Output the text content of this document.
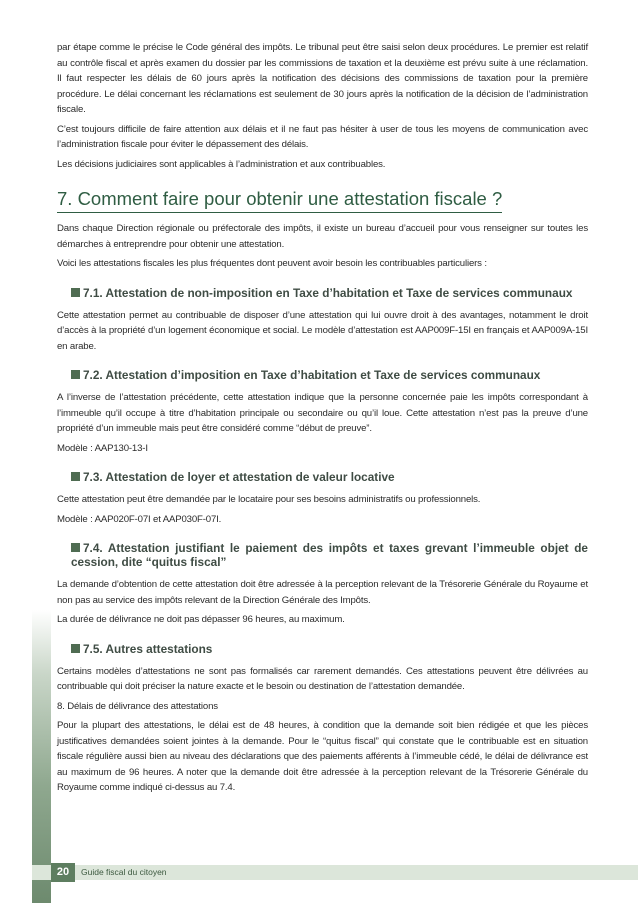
par étape comme le précise le Code général des impôts. Le tribunal peut être saisi selon deux procédures. Le premier est relatif au contrôle fiscal et après examen du dossier par les commissions de taxation et la deuxième est prévu suite à une réclamation. Il faut respecter les délais de 60 jours après la notification des décisions des commissions de taxation pour la première procédure. Le délai concernant les réclamations est seulement de 30 jours après la notification de la décision de l’administration fiscale.

C’est toujours difficile de faire attention aux délais et il ne faut pas hésiter à user de tous les moyens de communication avec l’administration fiscale pour éviter le dépassement des délais.

Les décisions judiciaires sont applicables à l’administration et aux contribuables.

7. Comment faire pour obtenir une attestation fiscale ?

Dans chaque Direction régionale ou préfectorale des impôts, il existe un bureau d’accueil pour vous renseigner sur toutes les démarches à entreprendre pour obtenir une attestation.

Voici les attestations fiscales les plus fréquentes dont peuvent avoir besoin les contribuables particuliers :

7.1. Attestation de non-imposition en Taxe d’habitation et Taxe de services communaux

Cette attestation permet au contribuable de disposer d’une attestation qui lui ouvre droit à des avantages, notamment le droit d’accès à la propriété d’un logement économique et social. Le modèle d’attestation est AAP009F-15I en français et AAP009A-15I en arabe.

7.2. Attestation d’imposition en Taxe d’habitation et Taxe de services communaux

A l’inverse de l’attestation précédente, cette attestation indique que la personne concernée paie les impôts correspondant à l’immeuble qu’il occupe à titre d’habitation principale ou secondaire ou qu’il loue. Cette attestation n’est pas la preuve d’une propriété d’un immeuble mais peut être considéré comme “début de preuve”.

Modèle : AAP130-13-I

7.3. Attestation de loyer et attestation de valeur locative

Cette attestation peut être demandée par le locataire pour ses besoins administratifs ou professionnels.

Modèle : AAP020F-07I et AAP030F-07I.

7.4. Attestation justifiant le paiement des impôts et taxes grevant l’immeuble objet de cession, dite “quitus fiscal”

La demande d’obtention de cette attestation doit être adressée à la perception relevant de la Trésorerie Générale du Royaume et non pas au service des impôts relevant de la Direction Générale des Impôts.

La durée de délivrance ne doit pas dépasser 96 heures, au maximum.

7.5. Autres attestations

Certains modèles d’attestations ne sont pas formalisés car rarement demandés. Ces attestations peuvent être délivrées au contribuable qui doit préciser la nature exacte et le besoin ou destination de l’attestation demandée.

8. Délais de délivrance des attestations

Pour la plupart des attestations, le délai est de 48 heures, à condition que la demande soit bien rédigée et que les pièces justificatives demandées soient jointes à la demande. Pour le “quitus fiscal” qui constate que le contribuable est en situation fiscale régulière aussi bien au niveau des déclarations que des paiements afférents à l’immeuble cédé, le délai de délivrance est au maximum de 96 heures. A noter que la demande doit être adressée à la perception relevant de la Trésorerie Générale du Royaume comme indiqué ci-dessus au 7.4.

20	Guide fiscal du citoyen
